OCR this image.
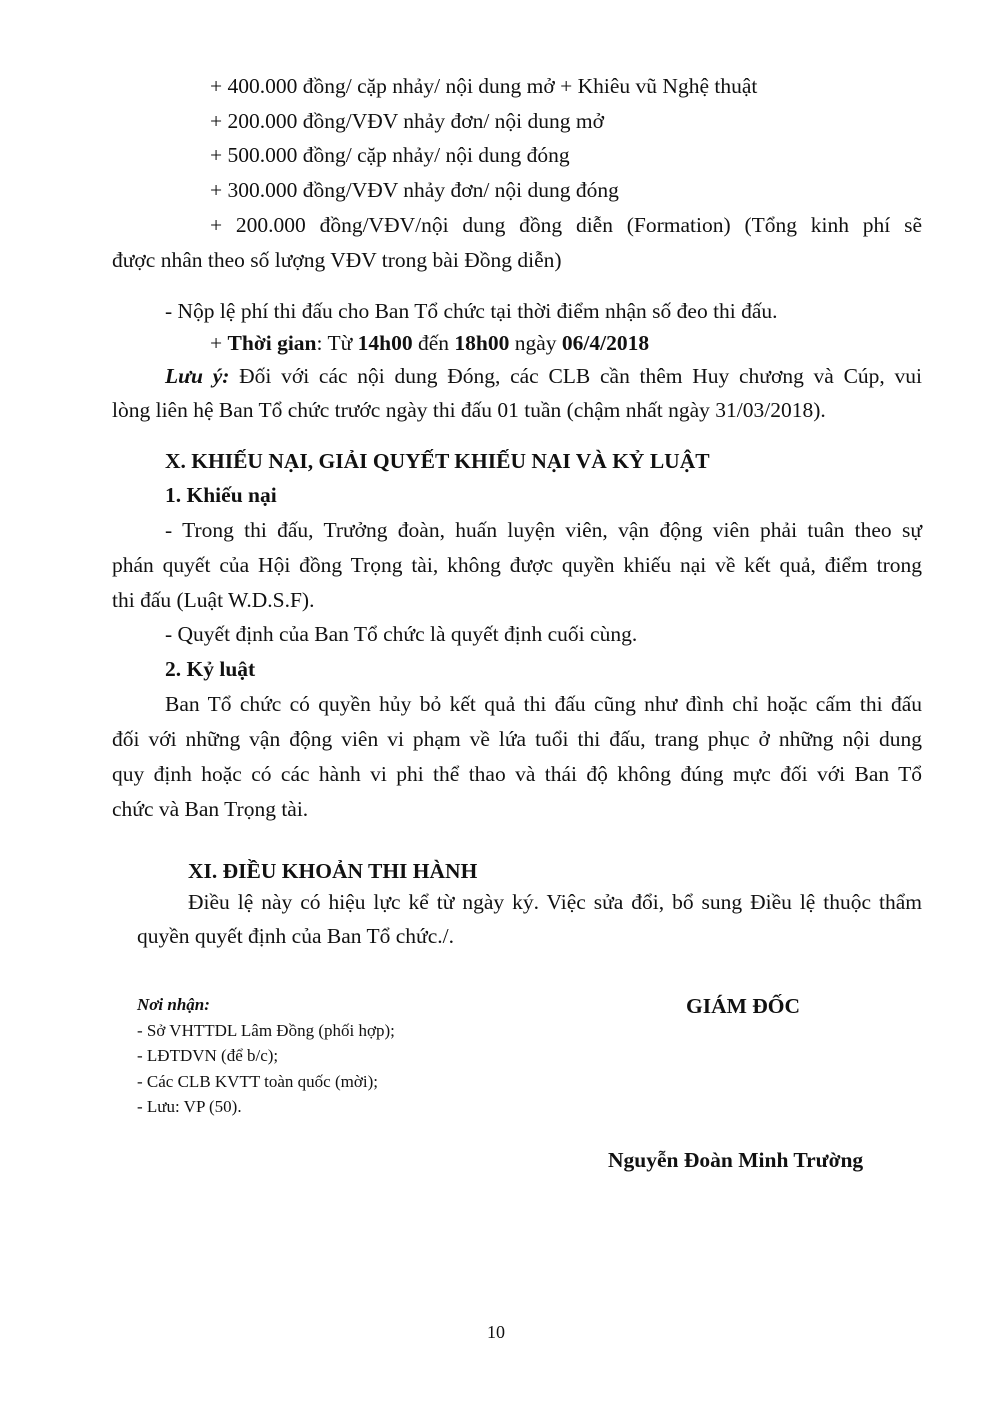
+ 400.000 đồng/ cặp nhảy/ nội dung mở + Khiêu vũ Nghệ thuật
+ 200.000 đồng/VĐV nhảy đơn/ nội dung mở
+ 500.000 đồng/ cặp nhảy/ nội dung đóng
+ 300.000 đồng/VĐV nhảy đơn/ nội dung đóng
+ 200.000 đồng/VĐV/nội dung đồng diễn (Formation) (Tổng kinh phí sẽ
được nhân theo số lượng VĐV trong bài Đồng diễn)
- Nộp lệ phí thi đấu cho Ban Tổ chức tại thời điểm nhận số đeo thi đấu.
+ Thời gian: Từ 14h00 đến 18h00 ngày 06/4/2018
Lưu ý: Đối với các nội dung Đóng, các CLB cần thêm Huy chương và Cúp, vui
lòng liên hệ Ban Tổ chức trước ngày thi đấu 01 tuần (chậm nhất ngày 31/03/2018).
X. KHIẾU NẠI, GIẢI QUYẾT KHIẾU NẠI VÀ KỶ LUẬT
1. Khiếu nại
- Trong thi đấu, Trưởng đoàn, huấn luyện viên, vận động viên phải tuân theo sự
phán quyết của Hội đồng Trọng tài, không được quyền khiếu nại về kết quả, điểm trong
thi đấu (Luật W.D.S.F).
- Quyết định của Ban Tổ chức là quyết định cuối cùng.
2. Kỷ luật
Ban Tổ chức có quyền hủy bỏ kết quả thi đấu cũng như đình chỉ hoặc cấm thi đấu
đối với những vận động viên vi phạm về lứa tuổi thi đấu, trang phục ở những nội dung
quy định hoặc có các hành vi phi thể thao và thái độ không đúng mực đối với Ban Tổ
chức và Ban Trọng tài.
XI. ĐIỀU KHOẢN THI HÀNH
Điều lệ này có hiệu lực kể từ ngày ký. Việc sửa đổi, bổ sung Điều lệ thuộc thẩm
quyền quyết định của Ban Tổ chức./.
Nơi nhận:
- Sở VHTTDL Lâm Đồng (phối hợp);
- LĐTDVN (để b/c);
- Các CLB KVTT toàn quốc (mời);
- Lưu: VP (50).
GIÁM ĐỐC
Nguyễn Đoàn Minh Trường
10
